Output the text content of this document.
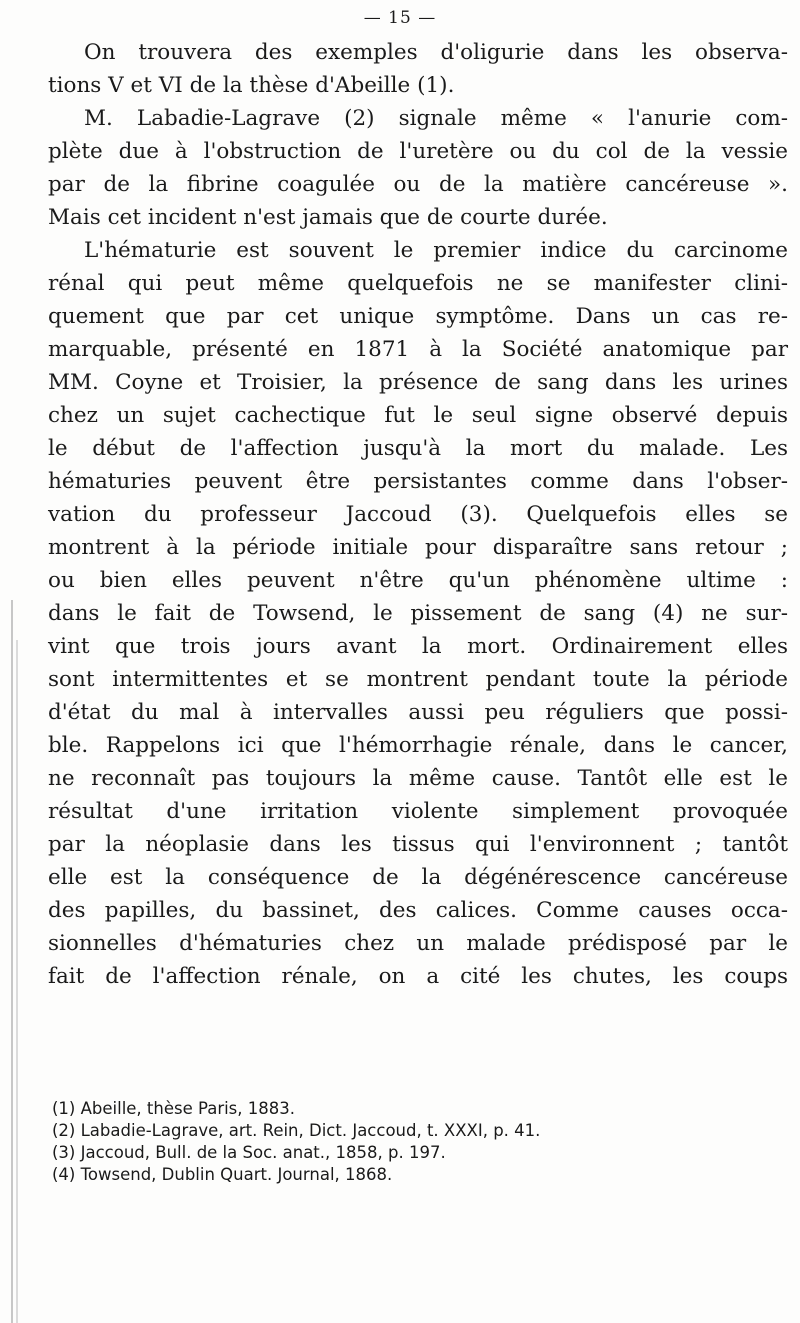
— 15 —
On trouvera des exemples d'oligurie dans les observa-
tions V et VI de la thèse d'Abeille (1).
M. Labadie-Lagrave (2) signale même « l'anurie com-
plète due à l'obstruction de l'uretère ou du col de la vessie
par de la fibrine coagulée ou de la matière cancéreuse ».
Mais cet incident n'est jamais que de courte durée.
L'hématurie est souvent le premier indice du carcinome
rénal qui peut même quelquefois ne se manifester clini-
quement que par cet unique symptôme. Dans un cas re-
marquable, présenté en 1871 à la Société anatomique par
MM. Coyne et Troisier, la présence de sang dans les urines
chez un sujet cachectique fut le seul signe observé depuis
le début de l'affection jusqu'à la mort du malade. Les
hématuries peuvent être persistantes comme dans l'obser-
vation du professeur Jaccoud (3). Quelquefois elles se
montrent à la période initiale pour disparaître sans retour ;
ou bien elles peuvent n'être qu'un phénomène ultime :
dans le fait de Towsend, le pissement de sang (4) ne sur-
vint que trois jours avant la mort. Ordinairement elles
sont intermittentes et se montrent pendant toute la période
d'état du mal à intervalles aussi peu réguliers que possi-
ble. Rappelons ici que l'hémorrhagie rénale, dans le cancer,
ne reconnaît pas toujours la même cause. Tantôt elle est le
résultat d'une irritation violente simplement provoquée
par la néoplasie dans les tissus qui l'environnent ; tantôt
elle est la conséquence de la dégénérescence cancéreuse
des papilles, du bassinet, des calices. Comme causes occa-
sionnelles d'hématuries chez un malade prédisposé par le
fait de l'affection rénale, on a cité les chutes, les coups
(1) Abeille, thèse Paris, 1883.
(2) Labadie-Lagrave, art. Rein, Dict. Jaccoud, t. XXXI, p. 41.
(3) Jaccoud, Bull. de la Soc. anat., 1858, p. 197.
(4) Towsend, Dublin Quart. Journal, 1868.
